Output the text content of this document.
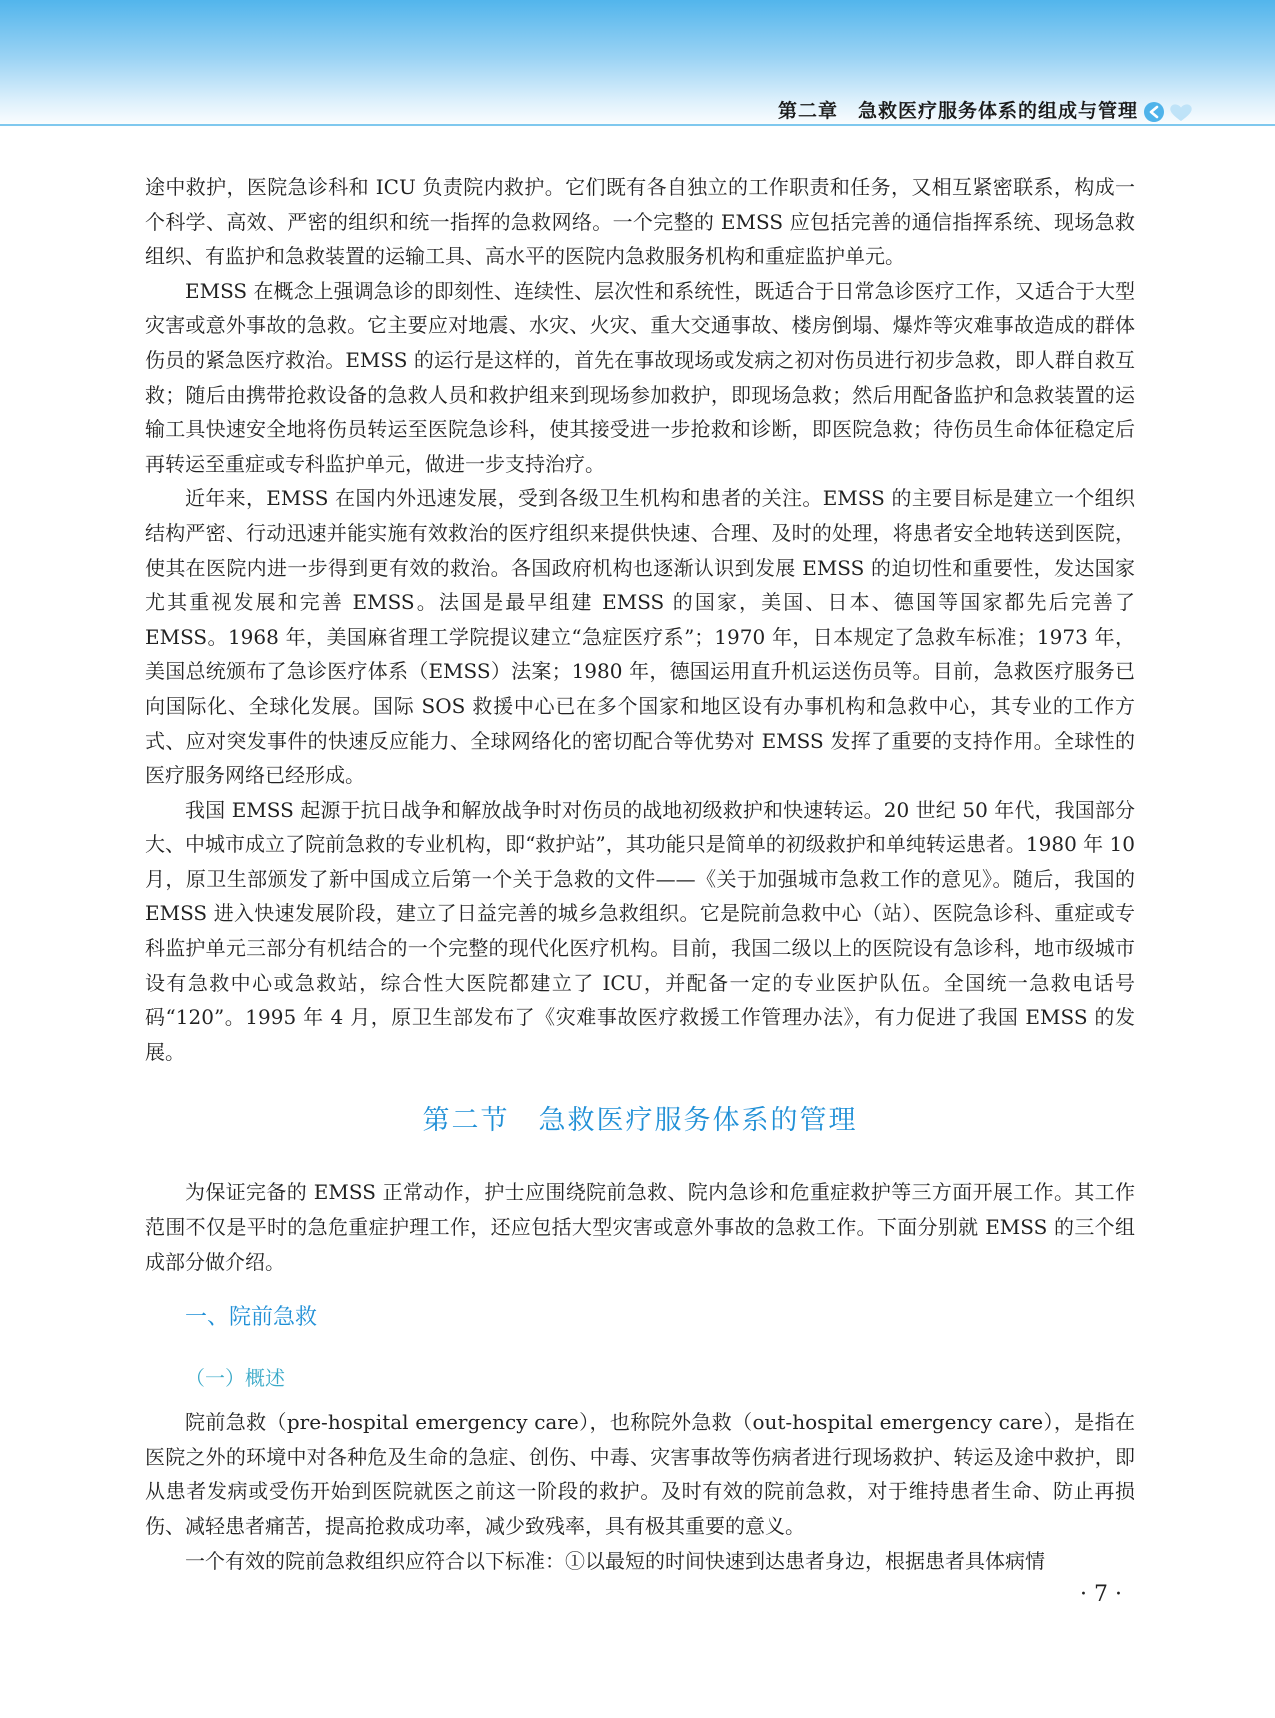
第二章　急救医疗服务体系的组成与管理

途中救护，医院急诊科和 ICU 负责院内救护。它们既有各自独立的工作职责和任务，又相互紧密联系，构成一个科学、高效、严密的组织和统一指挥的急救网络。一个完整的 EMSS 应包括完善的通信指挥系统、现场急救组织、有监护和急救装置的运输工具、高水平的医院内急救服务机构和重症监护单元。

EMSS 在概念上强调急诊的即刻性、连续性、层次性和系统性，既适合于日常急诊医疗工作，又适合于大型灾害或意外事故的急救。它主要应对地震、水灾、火灾、重大交通事故、楼房倒塌、爆炸等灾难事故造成的群体伤员的紧急医疗救治。EMSS 的运行是这样的，首先在事故现场或发病之初对伤员进行初步急救，即人群自救互救；随后由携带抢救设备的急救人员和救护组来到现场参加救护，即现场急救；然后用配备监护和急救装置的运输工具快速安全地将伤员转运至医院急诊科，使其接受进一步抢救和诊断，即医院急救；待伤员生命体征稳定后再转运至重症或专科监护单元，做进一步支持治疗。

近年来，EMSS 在国内外迅速发展，受到各级卫生机构和患者的关注。EMSS 的主要目标是建立一个组织结构严密、行动迅速并能实施有效救治的医疗组织来提供快速、合理、及时的处理，将患者安全地转送到医院，使其在医院内进一步得到更有效的救治。各国政府机构也逐渐认识到发展 EMSS 的迫切性和重要性，发达国家尤其重视发展和完善 EMSS。法国是最早组建 EMSS 的国家，美国、日本、德国等国家都先后完善了 EMSS。1968 年，美国麻省理工学院提议建立“急症医疗系”；1970 年，日本规定了急救车标准；1973 年，美国总统颁布了急诊医疗体系（EMSS）法案；1980 年，德国运用直升机运送伤员等。目前，急救医疗服务已向国际化、全球化发展。国际 SOS 救援中心已在多个国家和地区设有办事机构和急救中心，其专业的工作方式、应对突发事件的快速反应能力、全球网络化的密切配合等优势对 EMSS 发挥了重要的支持作用。全球性的医疗服务网络已经形成。

我国 EMSS 起源于抗日战争和解放战争时对伤员的战地初级救护和快速转运。20 世纪 50 年代，我国部分大、中城市成立了院前急救的专业机构，即“救护站”，其功能只是简单的初级救护和单纯转运患者。1980 年 10 月，原卫生部颁发了新中国成立后第一个关于急救的文件——《关于加强城市急救工作的意见》。随后，我国的 EMSS 进入快速发展阶段，建立了日益完善的城乡急救组织。它是院前急救中心（站）、医院急诊科、重症或专科监护单元三部分有机结合的一个完整的现代化医疗机构。目前，我国二级以上的医院设有急诊科，地市级城市设有急救中心或急救站，综合性大医院都建立了 ICU，并配备一定的专业医护队伍。全国统一急救电话号码“120”。1995 年 4 月，原卫生部发布了《灾难事故医疗救援工作管理办法》，有力促进了我国 EMSS 的发展。

第二节　急救医疗服务体系的管理

为保证完备的 EMSS 正常动作，护士应围绕院前急救、院内急诊和危重症救护等三方面开展工作。其工作范围不仅是平时的急危重症护理工作，还应包括大型灾害或意外事故的急救工作。下面分别就 EMSS 的三个组成部分做介绍。

一、院前急救
（一）概述

院前急救（pre-hospital emergency care），也称院外急救（out-hospital emergency care），是指在医院之外的环境中对各种危及生命的急症、创伤、中毒、灾害事故等伤病者进行现场救护、转运及途中救护，即从患者发病或受伤开始到医院就医之前这一阶段的救护。及时有效的院前急救，对于维持患者生命、防止再损伤、减轻患者痛苦，提高抢救成功率，减少致残率，具有极其重要的意义。

一个有效的院前急救组织应符合以下标准：①以最短的时间快速到达患者身边，根据患者具体病情

· 7 ·
